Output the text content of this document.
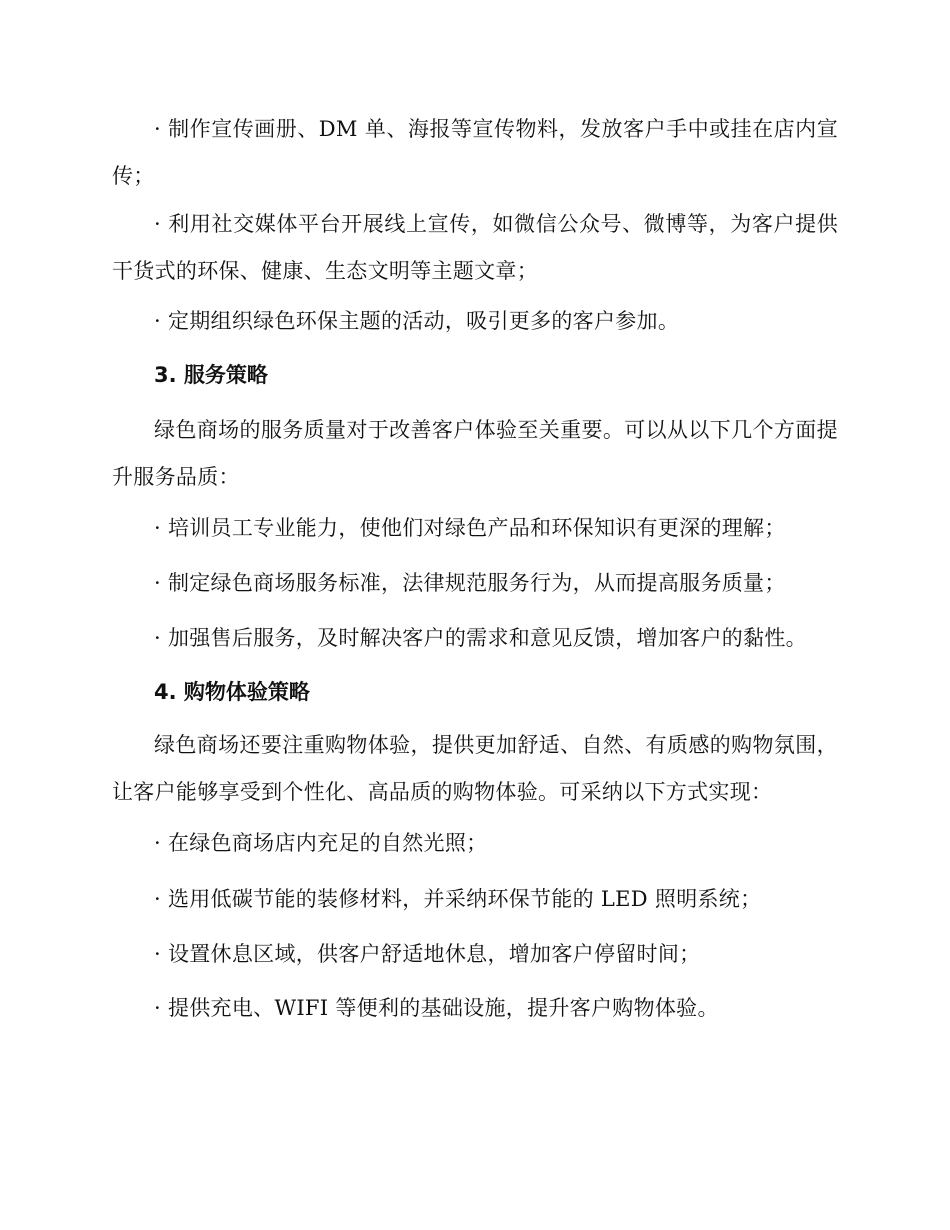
· 制作宣传画册、DM 单、海报等宣传物料，发放客户手中或挂在店内宣传；

· 利用社交媒体平台开展线上宣传，如微信公众号、微博等，为客户提供干货式的环保、健康、生态文明等主题文章；

· 定期组织绿色环保主题的活动，吸引更多的客户参加。

3. 服务策略

绿色商场的服务质量对于改善客户体验至关重要。可以从以下几个方面提升服务品质：

· 培训员工专业能力，使他们对绿色产品和环保知识有更深的理解；

· 制定绿色商场服务标准，法律规范服务行为，从而提高服务质量；

· 加强售后服务，及时解决客户的需求和意见反馈，增加客户的黏性。

4. 购物体验策略

绿色商场还要注重购物体验，提供更加舒适、自然、有质感的购物氛围，让客户能够享受到个性化、高品质的购物体验。可采纳以下方式实现：

· 在绿色商场店内充足的自然光照；

· 选用低碳节能的装修材料，并采纳环保节能的 LED 照明系统；

· 设置休息区域，供客户舒适地休息，增加客户停留时间；

· 提供充电、WIFI 等便利的基础设施，提升客户购物体验。
